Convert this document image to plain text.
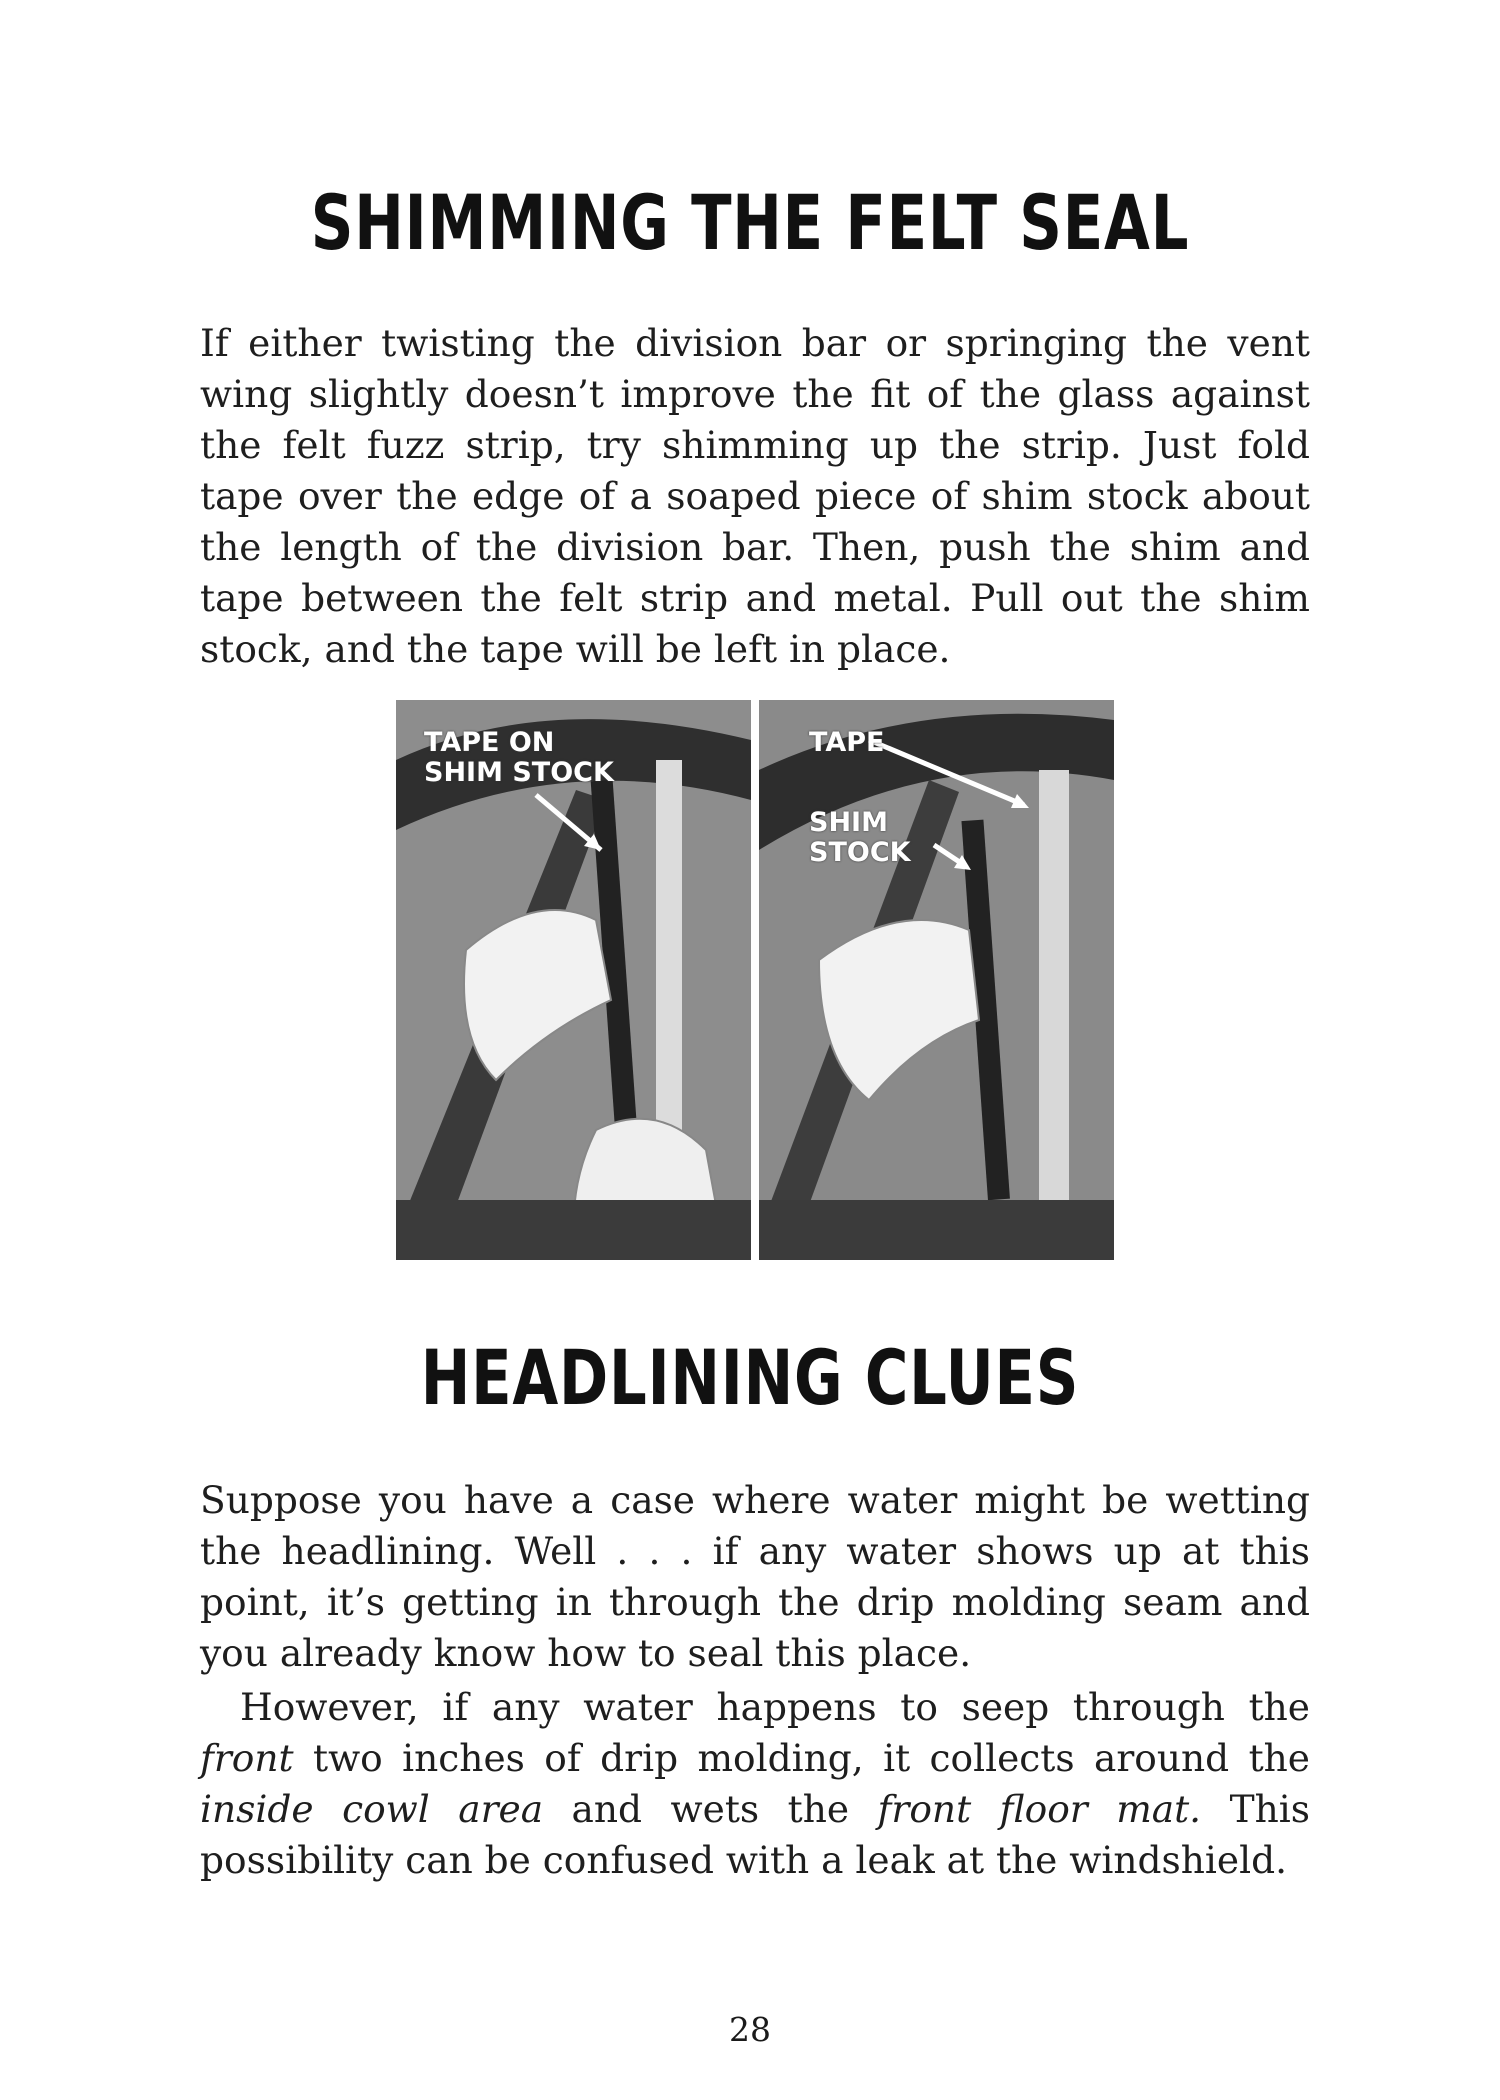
SHIMMING THE FELT SEAL

If either twisting the division bar or springing the vent wing slightly doesn’t improve the fit of the glass against the felt fuzz strip, try shimming up the strip. Just fold tape over the edge of a soaped piece of shim stock about the length of the division bar. Then, push the shim and tape between the felt strip and metal. Pull out the shim stock, and the tape will be left in place.

TAPE ON
SHIM STOCK
TAPE
SHIM
STOCK
HEADLINING CLUES

Suppose you have a case where water might be wetting the headlining. Well . . . if any water shows up at this point, it’s getting in through the drip molding seam and you already know how to seal this place.

However, if any water happens to seep through the front two inches of drip molding, it collects around the inside cowl area and wets the front floor mat. This possibility can be confused with a leak at the windshield.

28
